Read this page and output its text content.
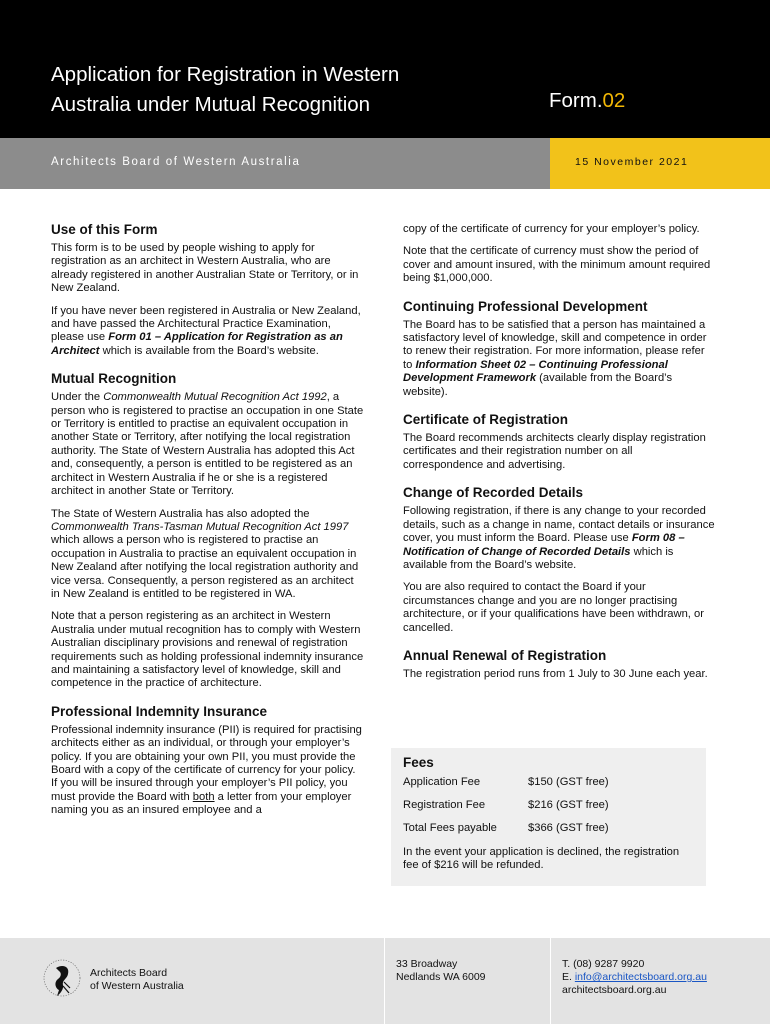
Application for Registration in Western
Australia under Mutual Recognition	Form.02
Architects Board of Western Australia	15 November 2021
Use of this Form

This form is to be used by people wishing to apply for registration as an architect in Western Australia, who are already registered in another Australian State or Territory, or in New Zealand.

If you have never been registered in Australia or New Zealand, and have passed the Architectural Practice Examination, please use Form 01 – Application for Registration as an Architect which is available from the Board’s website.

Mutual Recognition

Under the Commonwealth Mutual Recognition Act 1992, a person who is registered to practise an occupation in one State or Territory is entitled to practise an equivalent occupation in another State or Territory, after notifying the local registration authority. The State of Western Australia has adopted this Act and, consequently, a person is entitled to be registered as an architect in Western Australia if he or she is a registered architect in another State or Territory.

The State of Western Australia has also adopted the Commonwealth Trans-Tasman Mutual Recognition Act 1997 which allows a person who is registered to practise an occupation in Australia to practise an equivalent occupation in New Zealand after notifying the local registration authority and vice versa. Consequently, a person registered as an architect in New Zealand is entitled to be registered in WA.

Note that a person registering as an architect in Western Australia under mutual recognition has to comply with Western Australian disciplinary provisions and renewal of registration requirements such as holding professional indemnity insurance and maintaining a satisfactory level of knowledge, skill and competence in the practice of architecture.

Professional Indemnity Insurance

Professional indemnity insurance (PII) is required for practising architects either as an individual, or through your employer’s policy. If you are obtaining your own PII, you must provide the Board with a copy of the certificate of currency for your policy. If you will be insured through your employer’s PII policy, you must provide the Board with both a letter from your employer naming you as an insured employee and a

copy of the certificate of currency for your employer’s policy.

Note that the certificate of currency must show the period of cover and amount insured, with the minimum amount required being $1,000,000.

Continuing Professional Development

The Board has to be satisfied that a person has maintained a satisfactory level of knowledge, skill and competence in order to renew their registration. For more information, please refer to Information Sheet 02 – Continuing Professional Development Framework (available from the Board’s website).

Certificate of Registration

The Board recommends architects clearly display registration certificates and their registration number on all correspondence and advertising.

Change of Recorded Details

Following registration, if there is any change to your recorded details, such as a change in name, contact details or insurance cover, you must inform the Board. Please use Form 08 – Notification of Change of Recorded Details which is available from the Board’s website.

You are also required to contact the Board if your circumstances change and you are no longer practising architecture, or if your qualifications have been withdrawn, or cancelled.

Annual Renewal of Registration

The registration period runs from 1 July to 30 June each year.

Fees
Application Fee	$150 (GST free)
Registration Fee	$216 (GST free)
Total Fees payable	$366 (GST free)

In the event your application is declined, the registration fee of $216 will be refunded.

Architects Board
of Western Australia
33 Broadway
Nedlands WA 6009
T. (08) 9287 9920
E. info@architectsboard.org.au
architectsboard.org.au
